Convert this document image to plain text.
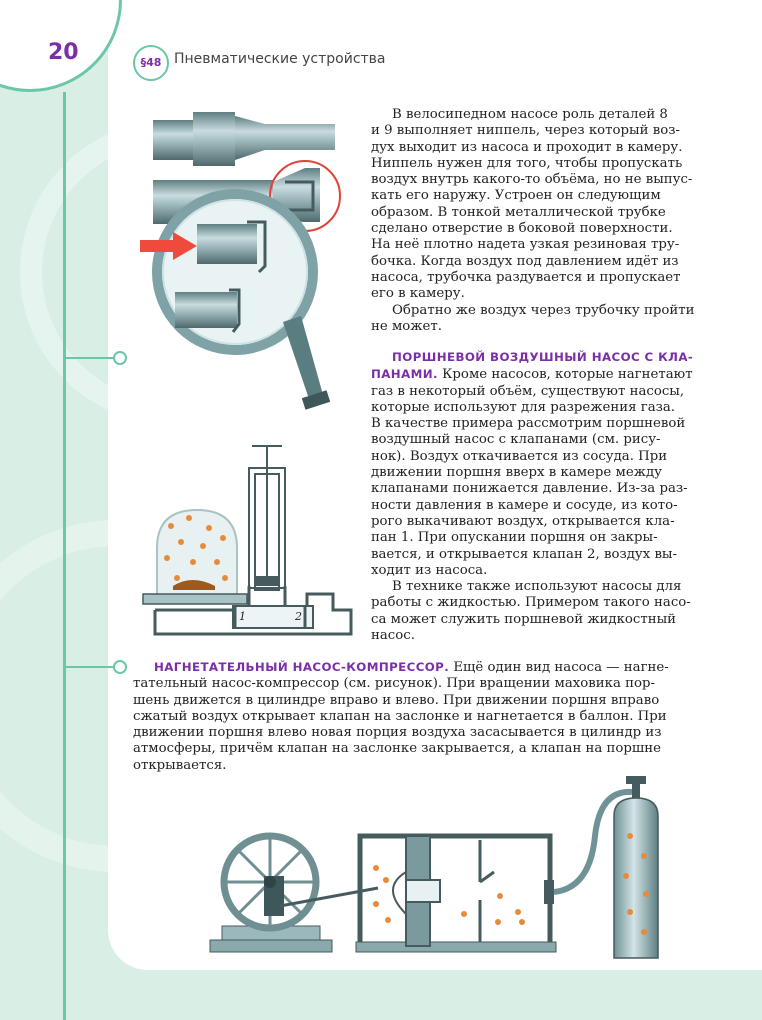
20	§48 Пневматические устройства
1	2

В велосипедном насосе роль деталей 8

и 9 выполняет ниппель, через который воз-

дух выходит из насоса и проходит в камеру.

Ниппель нужен для того, чтобы пропускать

воздух внутрь какого-то объёма, но не выпус-

кать его наружу. Устроен он следующим

образом. В тонкой металлической трубке

сделано отверстие в боковой поверхности.

На неё плотно надета узкая резиновая тру-

бочка. Когда воздух под давлением идёт из

насоса, трубочка раздувается и пропускает

его в камеру.

Обратно же воздух через трубочку пройти

не может.

ПОРШНЕВОЙ ВОЗДУШНЫЙ НАСОС С КЛА-

ПАНАМИ. Кроме насосов, которые нагнетают

газ в некоторый объём, существуют насосы,

которые используют для разрежения газа.

В качестве примера рассмотрим поршневой

воздушный насос с клапанами (см. рису-

нок). Воздух откачивается из сосуда. При

движении поршня вверх в камере между

клапанами понижается давление. Из-за раз-

ности давления в камере и сосуде, из кото-

рого выкачивают воздух, открывается кла-

пан 1. При опускании поршня он закры-

вается, и открывается клапан 2, воздух вы-

ходит из насоса.

В технике также используют насосы для

работы с жидкостью. Примером такого насо-

са может служить поршневой жидкостный

насос.

НАГНЕТАТЕЛЬНЫЙ НАСОС-КОМПРЕССОР. Ещё один вид насоса — нагне-

тательный насос-компрессор (см. рисунок). При вращении маховика пор-

шень движется в цилиндре вправо и влево. При движении поршня вправо

сжатый воздух открывает клапан на заслонке и нагнетается в баллон. При

движении поршня влево новая порция воздуха засасывается в цилиндр из

атмосферы, причём клапан на заслонке закрывается, а клапан на поршне

открывается.
